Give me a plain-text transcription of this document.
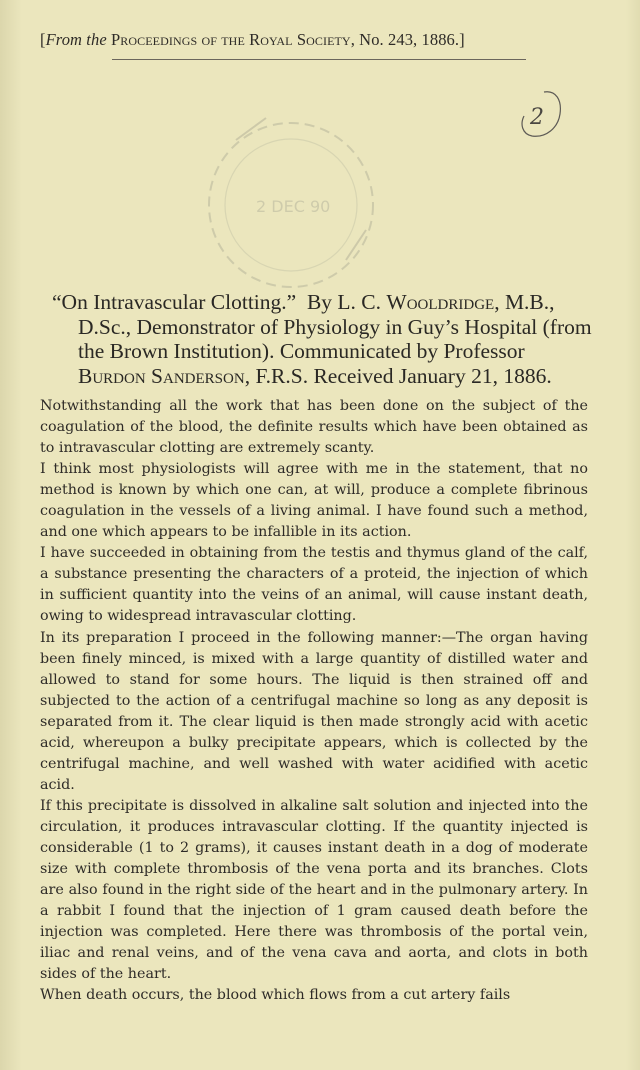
[From the Proceedings of the Royal Society, No. 243, 1886.]
2
2 DEC 90

“On Intravascular Clotting.” By L. C. Wooldridge, M.B.,

D.Sc., Demonstrator of Physiology in Guy’s Hospital (from

the Brown Institution). Communicated by Professor

Burdon Sanderson, F.R.S. Received January 21, 1886.

Notwithstanding all the work that has been done on the subject of the coagulation of the blood, the definite results which have been obtained as to intravascular clotting are extremely scanty.

I think most physiologists will agree with me in the statement, that no method is known by which one can, at will, produce a complete fibrinous coagulation in the vessels of a living animal. I have found such a method, and one which appears to be infallible in its action.

I have succeeded in obtaining from the testis and thymus gland of the calf, a substance presenting the characters of a proteid, the injection of which in sufficient quantity into the veins of an animal, will cause instant death, owing to widespread intravascular clotting.

In its preparation I proceed in the following manner:—The organ having been finely minced, is mixed with a large quantity of distilled water and allowed to stand for some hours. The liquid is then strained off and subjected to the action of a centrifugal machine so long as any deposit is separated from it. The clear liquid is then made strongly acid with acetic acid, whereupon a bulky precipitate appears, which is collected by the centrifugal machine, and well washed with water acidified with acetic acid.

If this precipitate is dissolved in alkaline salt solution and injected into the circulation, it produces intravascular clotting. If the quantity injected is considerable (1 to 2 grams), it causes instant death in a dog of moderate size with complete thrombosis of the vena porta and its branches. Clots are also found in the right side of the heart and in the pulmonary artery. In a rabbit I found that the injection of 1 gram caused death before the injection was completed. Here there was thrombosis of the portal vein, iliac and renal veins, and of the vena cava and aorta, and clots in both sides of the heart.

When death occurs, the blood which flows from a cut artery fails
